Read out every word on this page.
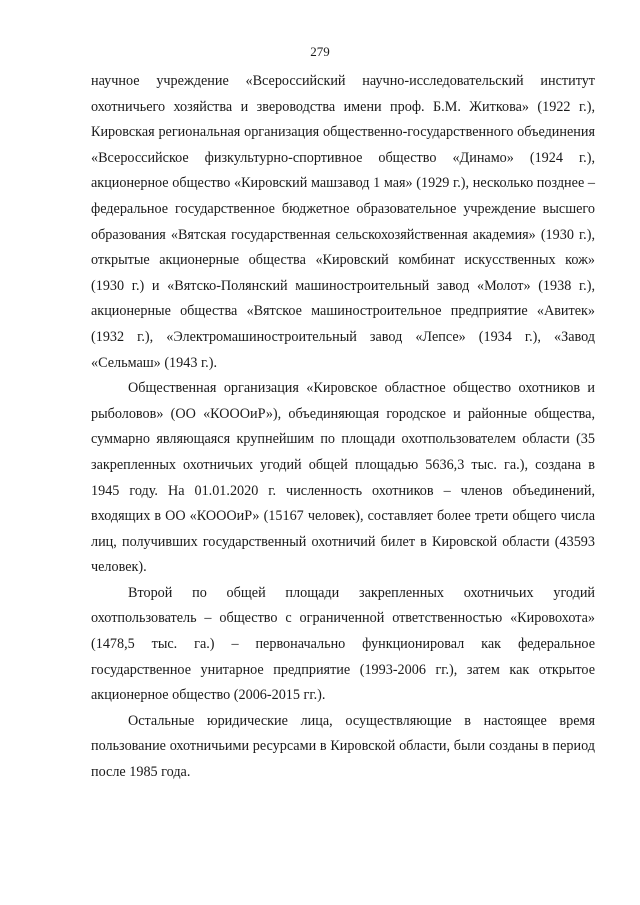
279

научное учреждение «Всероссийский научно-исследовательский институт охотничьего хозяйства и звероводства имени проф. Б.М. Житкова» (1922 г.), Кировская региональная организация общественно-государственного объединения «Всероссийское физкультурно-спортивное общество «Динамо» (1924 г.), акционерное общество «Кировский машзавод 1 мая» (1929 г.), несколько позднее – федеральное государственное бюджетное образовательное учреждение высшего образования «Вятская государственная сельскохозяйственная академия» (1930 г.), открытые акционерные общества «Кировский комбинат искусственных кож» (1930 г.) и «Вятско-Полянский машиностроительный завод «Молот» (1938 г.), акционерные общества «Вятское машиностроительное предприятие «Авитек» (1932 г.), «Электромашиностроительный завод «Лепсе» (1934 г.), «Завод «Сельмаш» (1943 г.).

Общественная организация «Кировское областное общество охотников и рыболовов» (ОО «КОООиР»), объединяющая городское и районные общества, суммарно являющаяся крупнейшим по площади охотпользователем области (35 закрепленных охотничьих угодий общей площадью 5636,3 тыс. га.), создана в 1945 году. На 01.01.2020 г. численность охотников – членов объединений, входящих в ОО «КОООиР» (15167 человек), составляет более трети общего числа лиц, получивших государственный охотничий билет в Кировской области (43593 человек).

Второй по общей площади закрепленных охотничьих угодий охотпользователь – общество с ограниченной ответственностью «Кировохота» (1478,5 тыс. га.) – первоначально функционировал как федеральное государственное унитарное предприятие (1993-2006 гг.), затем как открытое акционерное общество (2006-2015 гг.).

Остальные юридические лица, осуществляющие в настоящее время пользование охотничьими ресурсами в Кировской области, были созданы в период после 1985 года.
